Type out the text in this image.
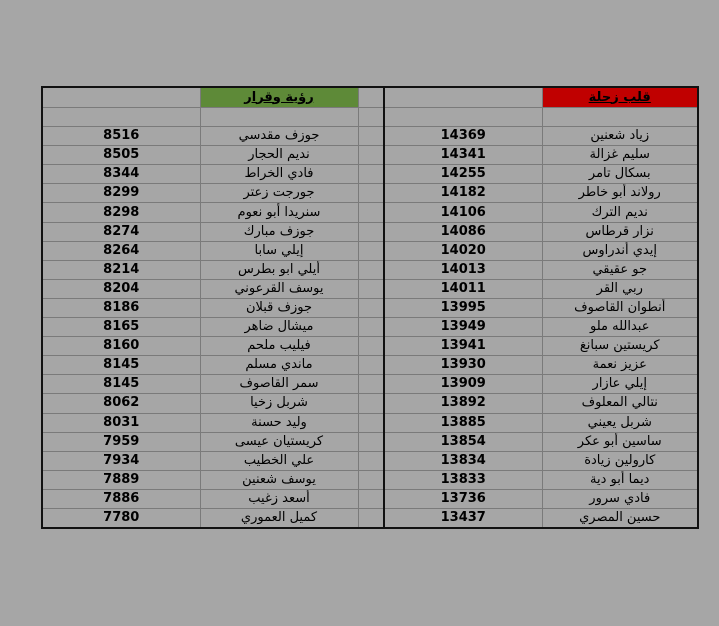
	رؤية وقرار			قلب زحلة

8516	جوزف مقدسي		14369	زياد شعنين
8505	نديم الحجار		14341	سليم غزالة
8344	فادي الخراط		14255	بسكال تامر
8299	جورجت زعتر		14182	رولاند أبو خاطر
8298	سنريدا أبو نعوم		14106	نديم الترك
8274	جوزف مبارك		14086	نزار قرطاس
8264	إيلي سابا		14020	إيدي أندراوس
8214	أيلي ابو بطرس		14013	جو عقيقي
8204	يوسف القرعوني		14011	ربي القر
8186	جوزف قبلان		13995	أنطوان القاصوف
8165	ميشال ضاهر		13949	عبدالله ملو
8160	فيليب ملحم		13941	كريستين سبانغ
8145	ماندي مسلم		13930	عزيز نعمة
8145	سمر القاصوف		13909	إيلي عازار
8062	شربل زخيا		13892	نتالي المعلوف
8031	وليد حسنة		13885	شربل يعيني
7959	كريستيان عيسى		13854	ساسين أبو عكر
7934	علي الخطيب		13834	كارولين زيادة
7889	يوسف شعنين		13833	ديما أبو دية
7886	أسعد زغيب		13736	فادي سرور
7780	كميل العموري		13437	حسين المصري
